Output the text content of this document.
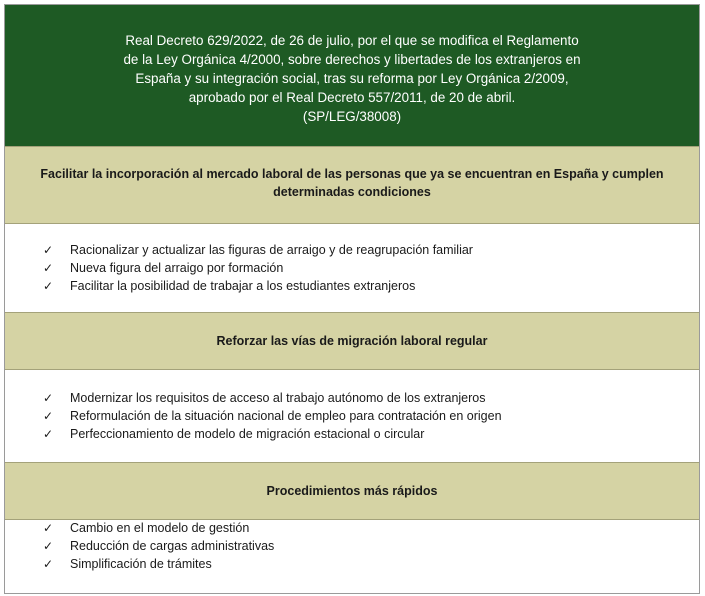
Real Decreto 629/2022, de 26 de julio, por el que se modifica el Reglamento
de la Ley Orgánica 4/2000, sobre derechos y libertades de los extranjeros en
España y su integración social, tras su reforma por Ley Orgánica 2/2009,
aprobado por el Real Decreto 557/2011, de 20 de abril.
(SP/LEG/38008)
Facilitar la incorporación al mercado laboral de las personas que ya se encuentran en España y cumplen
determinadas condiciones
✓	Racionalizar y actualizar las figuras de arraigo y de reagrupación familiar
✓	Nueva figura del arraigo por formación
✓	Facilitar la posibilidad de trabajar a los estudiantes extranjeros
Reforzar las vías de migración laboral regular
✓	Modernizar los requisitos de acceso al trabajo autónomo de los extranjeros
✓	Reformulación de la situación nacional de empleo para contratación en origen
✓	Perfeccionamiento de modelo de migración estacional o circular
Procedimientos más rápidos
✓	Cambio en el modelo de gestión
✓	Reducción de cargas administrativas
✓	Simplificación de trámites
